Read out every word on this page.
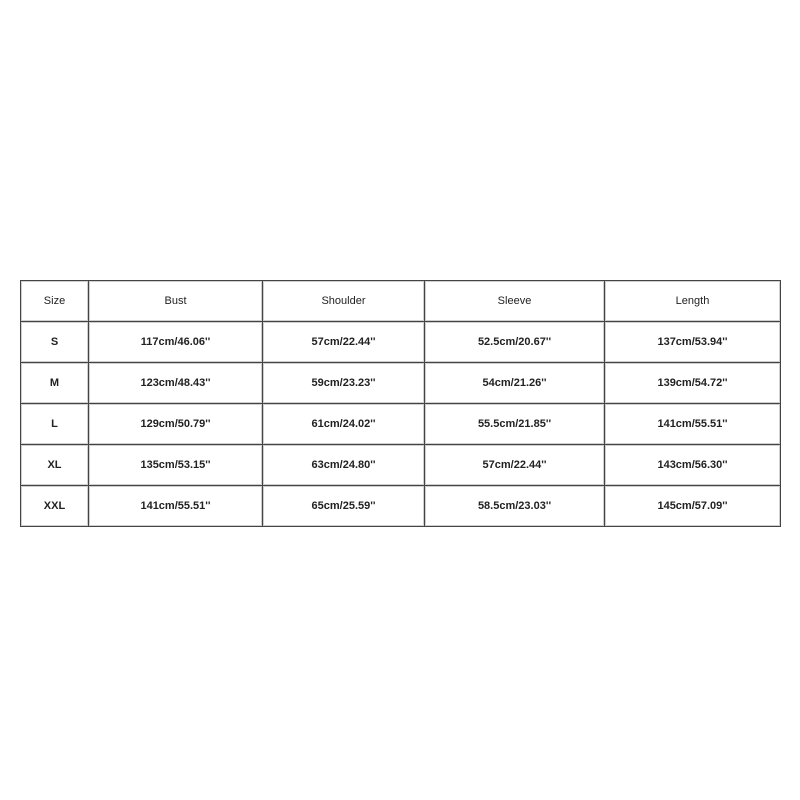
Size	Bust	Shoulder	Sleeve	Length
S	117cm/46.06''	57cm/22.44''	52.5cm/20.67''	137cm/53.94''
M	123cm/48.43''	59cm/23.23''	54cm/21.26''	139cm/54.72''
L	129cm/50.79''	61cm/24.02''	55.5cm/21.85''	141cm/55.51''
XL	135cm/53.15''	63cm/24.80''	57cm/22.44''	143cm/56.30''
XXL	141cm/55.51''	65cm/25.59''	58.5cm/23.03''	145cm/57.09''
